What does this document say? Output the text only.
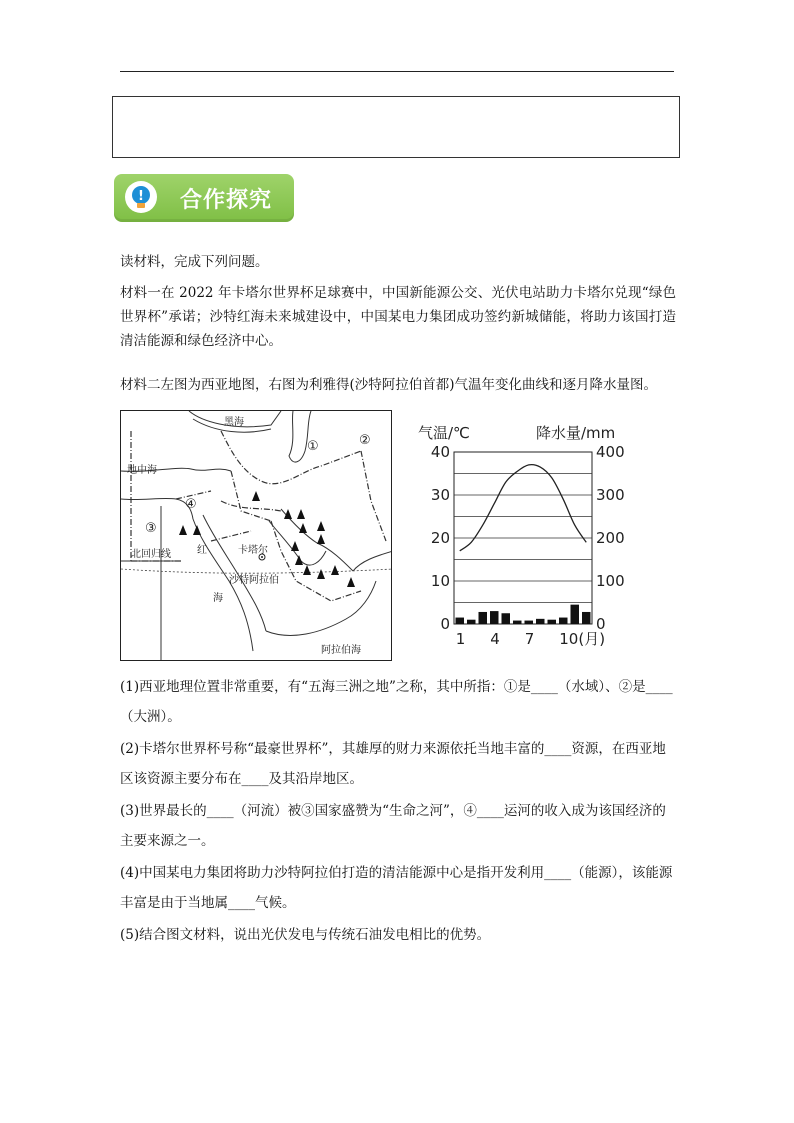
! 合作探究

读材料，完成下列问题。

材料一在 2022 年卡塔尔世界杯足球赛中，中国新能源公交、光伏电站助力卡塔尔兑现“绿色世界杯”承诺；沙特红海未来城建设中，中国某电力集团成功签约新城储能，将助力该国打造清洁能源和绿色经济中心。

材料二左图为西亚地图，右图为利雅得(沙特阿拉伯首都)气温年变化曲线和逐月降水量图。

黑海
地中海
北回归线	红
海
卡塔尔
沙特阿拉伯
阿拉伯海
①	②
③
④
0
10
20
30
40
0
100
200
300
400
气温/℃	降水量/mm
1 4 7 10(月)

(1)西亚地理位置非常重要，有“五海三洲之地”之称，其中所指：①是____（水域）、②是____（大洲）。

(2)卡塔尔世界杯号称“最豪世界杯”，其雄厚的财力来源依托当地丰富的____资源，在西亚地区该资源主要分布在____及其沿岸地区。

(3)世界最长的____（河流）被③国家盛赞为“生命之河”，④____运河的收入成为该国经济的主要来源之一。

(4)中国某电力集团将助力沙特阿拉伯打造的清洁能源中心是指开发利用____（能源），该能源丰富是由于当地属____气候。

(5)结合图文材料，说出光伏发电与传统石油发电相比的优势。
